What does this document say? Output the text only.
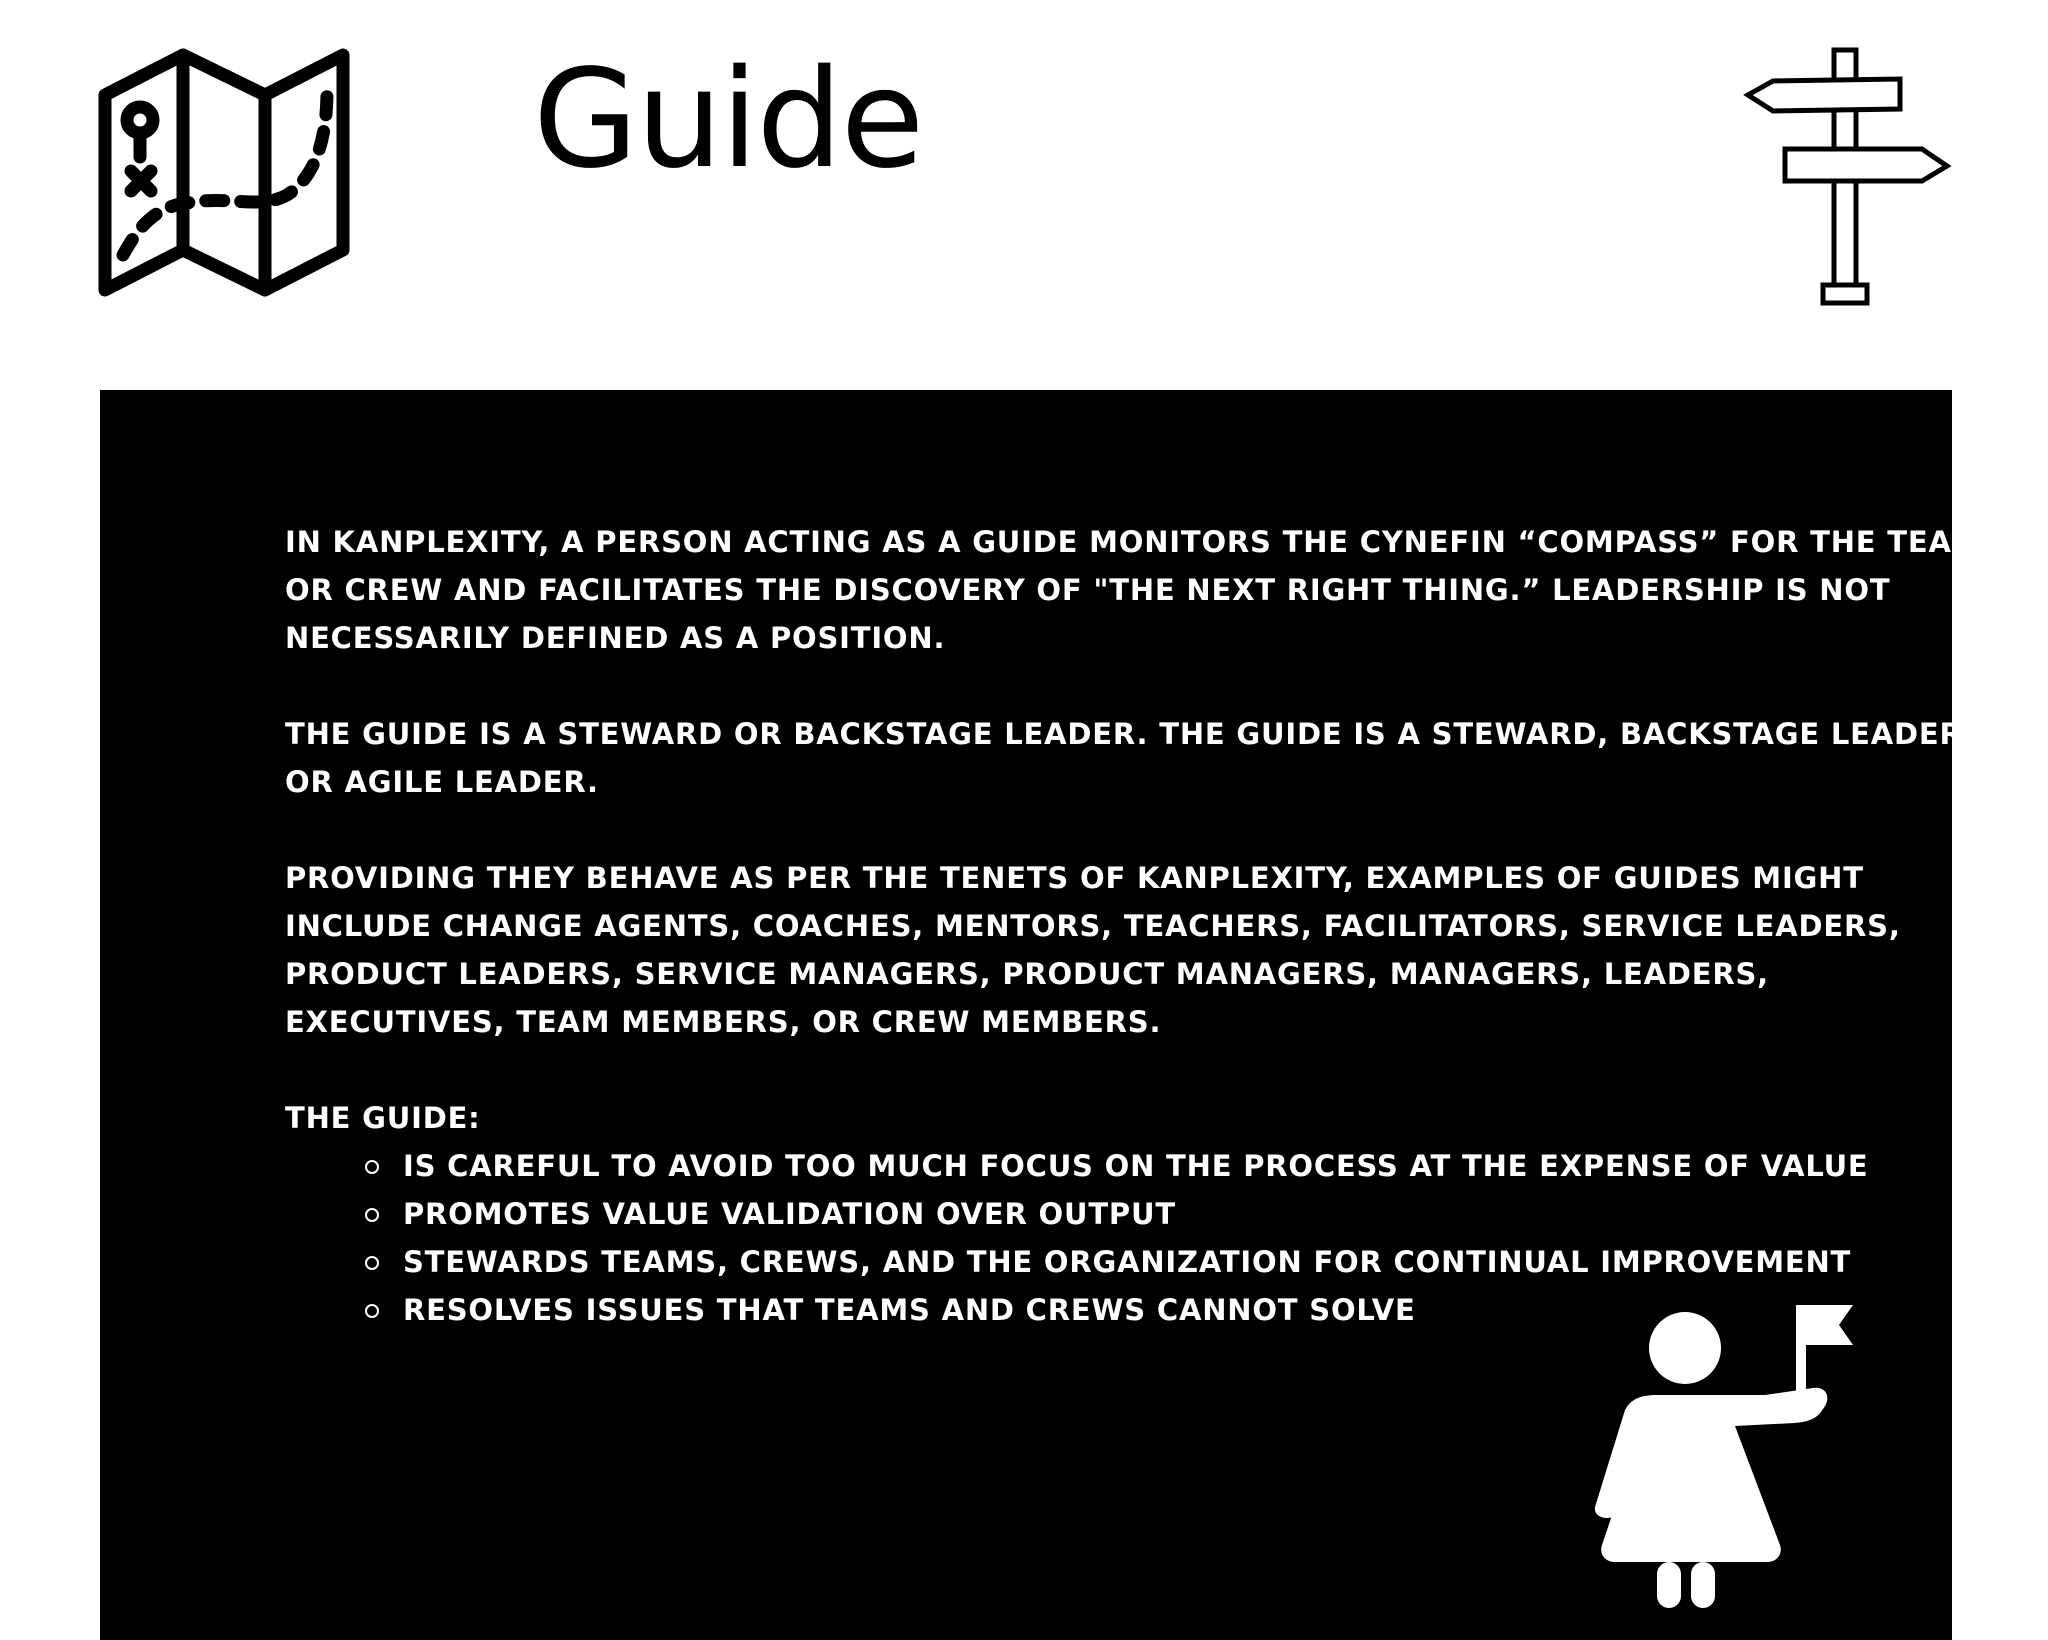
Guide

IN KANPLEXITY, A PERSON ACTING AS A GUIDE MONITORS THE CYNEFIN “COMPASS” FOR THE TEAM OR CREW AND FACILITATES THE DISCOVERY OF "THE NEXT RIGHT THING.” LEADERSHIP IS NOT NECESSARILY DEFINED AS A POSITION.

THE GUIDE IS A STEWARD OR BACKSTAGE LEADER. THE GUIDE IS A STEWARD, BACKSTAGE LEADER, OR AGILE LEADER.

PROVIDING THEY BEHAVE AS PER THE TENETS OF KANPLEXITY, EXAMPLES OF GUIDES MIGHT INCLUDE CHANGE AGENTS, COACHES, MENTORS, TEACHERS, FACILITATORS, SERVICE LEADERS, PRODUCT LEADERS, SERVICE MANAGERS, PRODUCT MANAGERS, MANAGERS, LEADERS, EXECUTIVES, TEAM MEMBERS, OR CREW MEMBERS.

THE GUIDE:
IS CAREFUL TO AVOID TOO MUCH FOCUS ON THE PROCESS AT THE EXPENSE OF VALUE
PROMOTES VALUE VALIDATION OVER OUTPUT
STEWARDS TEAMS, CREWS, AND THE ORGANIZATION FOR CONTINUAL IMPROVEMENT
RESOLVES ISSUES THAT TEAMS AND CREWS CANNOT SOLVE
